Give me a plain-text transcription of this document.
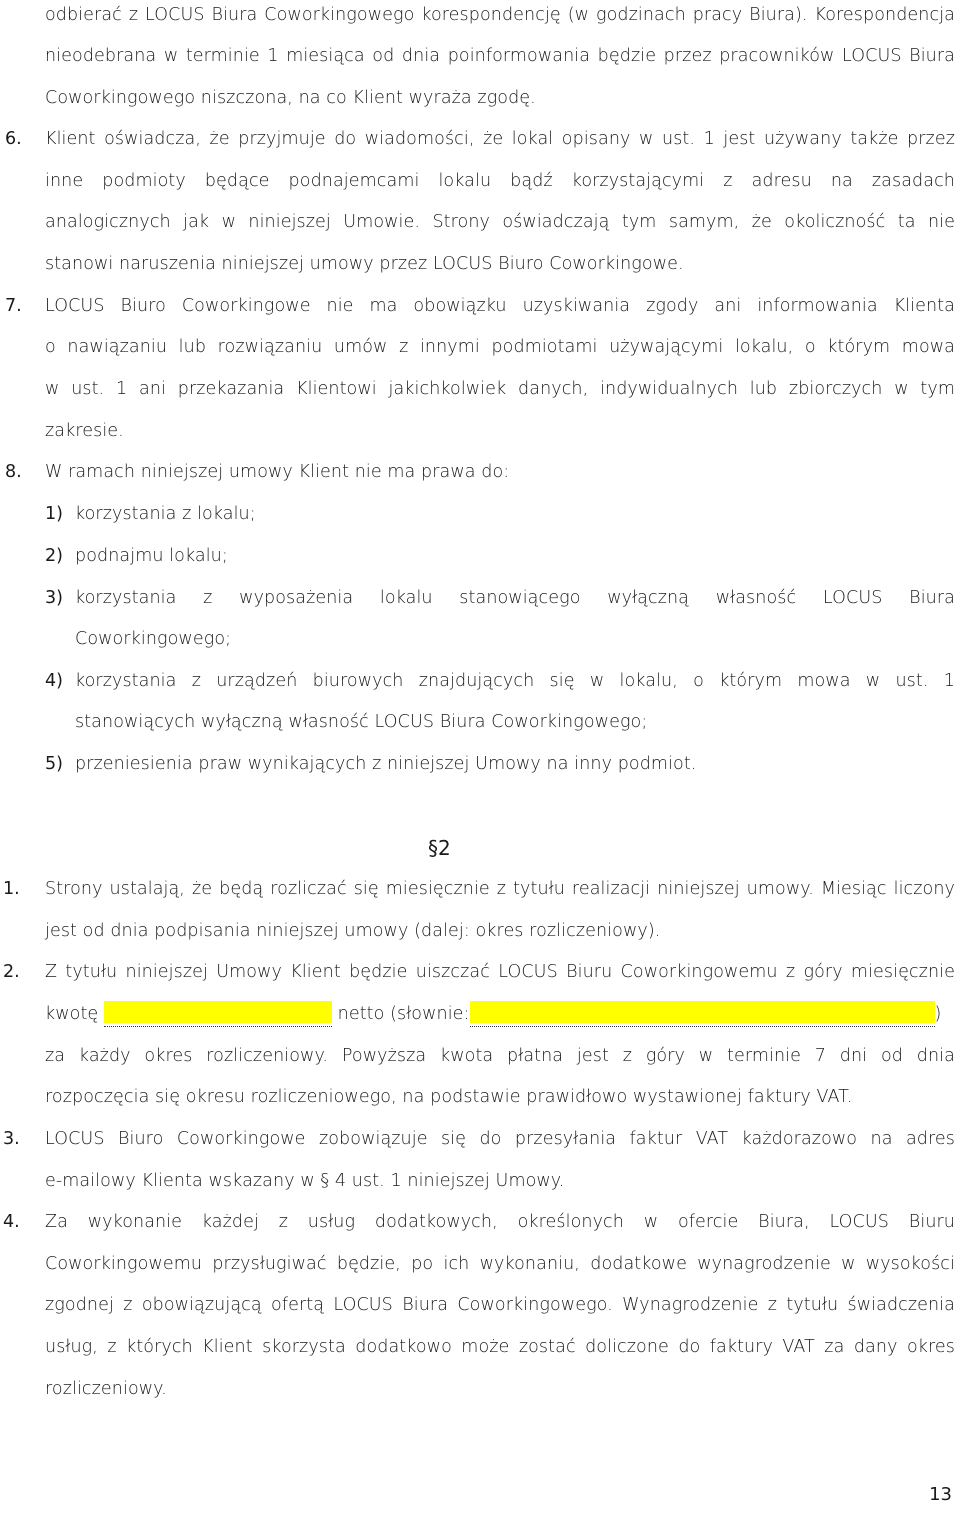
odbierać z LOCUS Biura Coworkingowego korespondencję (w godzinach pracy Biura). Korespondencja
nieodebrana w terminie 1 miesiąca od dnia poinformowania będzie przez pracowników LOCUS Biura
Coworkingowego niszczona, na co Klient wyraża zgodę.
6. Klient oświadcza, że przyjmuje do wiadomości, że lokal opisany w ust. 1 jest używany także przez
inne podmioty będące podnajemcami lokalu bądź korzystającymi z adresu na zasadach
analogicznych jak w niniejszej Umowie. Strony oświadczają tym samym, że okoliczność ta nie
stanowi naruszenia niniejszej umowy przez LOCUS Biuro Coworkingowe.
7. LOCUS Biuro Coworkingowe nie ma obowiązku uzyskiwania zgody ani informowania Klienta
o nawiązaniu lub rozwiązaniu umów z innymi podmiotami używającymi lokalu, o którym mowa
w ust. 1 ani przekazania Klientowi jakichkolwiek danych, indywidualnych lub zbiorczych w tym
zakresie.
8. W ramach niniejszej umowy Klient nie ma prawa do:
1) korzystania z lokalu;
2) podnajmu lokalu;
3) korzystania z wyposażenia lokalu stanowiącego wyłączną własność LOCUS Biura
Coworkingowego;
4) korzystania z urządzeń biurowych znajdujących się w lokalu, o którym mowa w ust. 1
stanowiących wyłączną własność LOCUS Biura Coworkingowego;
5) przeniesienia praw wynikających z niniejszej Umowy na inny podmiot.
§2
1. Strony ustalają, że będą rozliczać się miesięcznie z tytułu realizacji niniejszej umowy. Miesiąc liczony
jest od dnia podpisania niniejszej umowy (dalej: okres rozliczeniowy).
2. Z tytułu niniejszej Umowy Klient będzie uiszczać LOCUS Biuru Coworkingowemu z góry miesięcznie
kwotę	netto (słownie:	)
za każdy okres rozliczeniowy. Powyższa kwota płatna jest z góry w terminie 7 dni od dnia
rozpoczęcia się okresu rozliczeniowego, na podstawie prawidłowo wystawionej faktury VAT.
3. LOCUS Biuro Coworkingowe zobowiązuje się do przesyłania faktur VAT każdorazowo na adres
e-mailowy Klienta wskazany w § 4 ust. 1 niniejszej Umowy.
4. Za wykonanie każdej z usług dodatkowych, określonych w ofercie Biura, LOCUS Biuru
Coworkingowemu przysługiwać będzie, po ich wykonaniu, dodatkowe wynagrodzenie w wysokości
zgodnej z obowiązującą ofertą LOCUS Biura Coworkingowego. Wynagrodzenie z tytułu świadczenia
usług, z których Klient skorzysta dodatkowo może zostać doliczone do faktury VAT za dany okres
rozliczeniowy.
13
